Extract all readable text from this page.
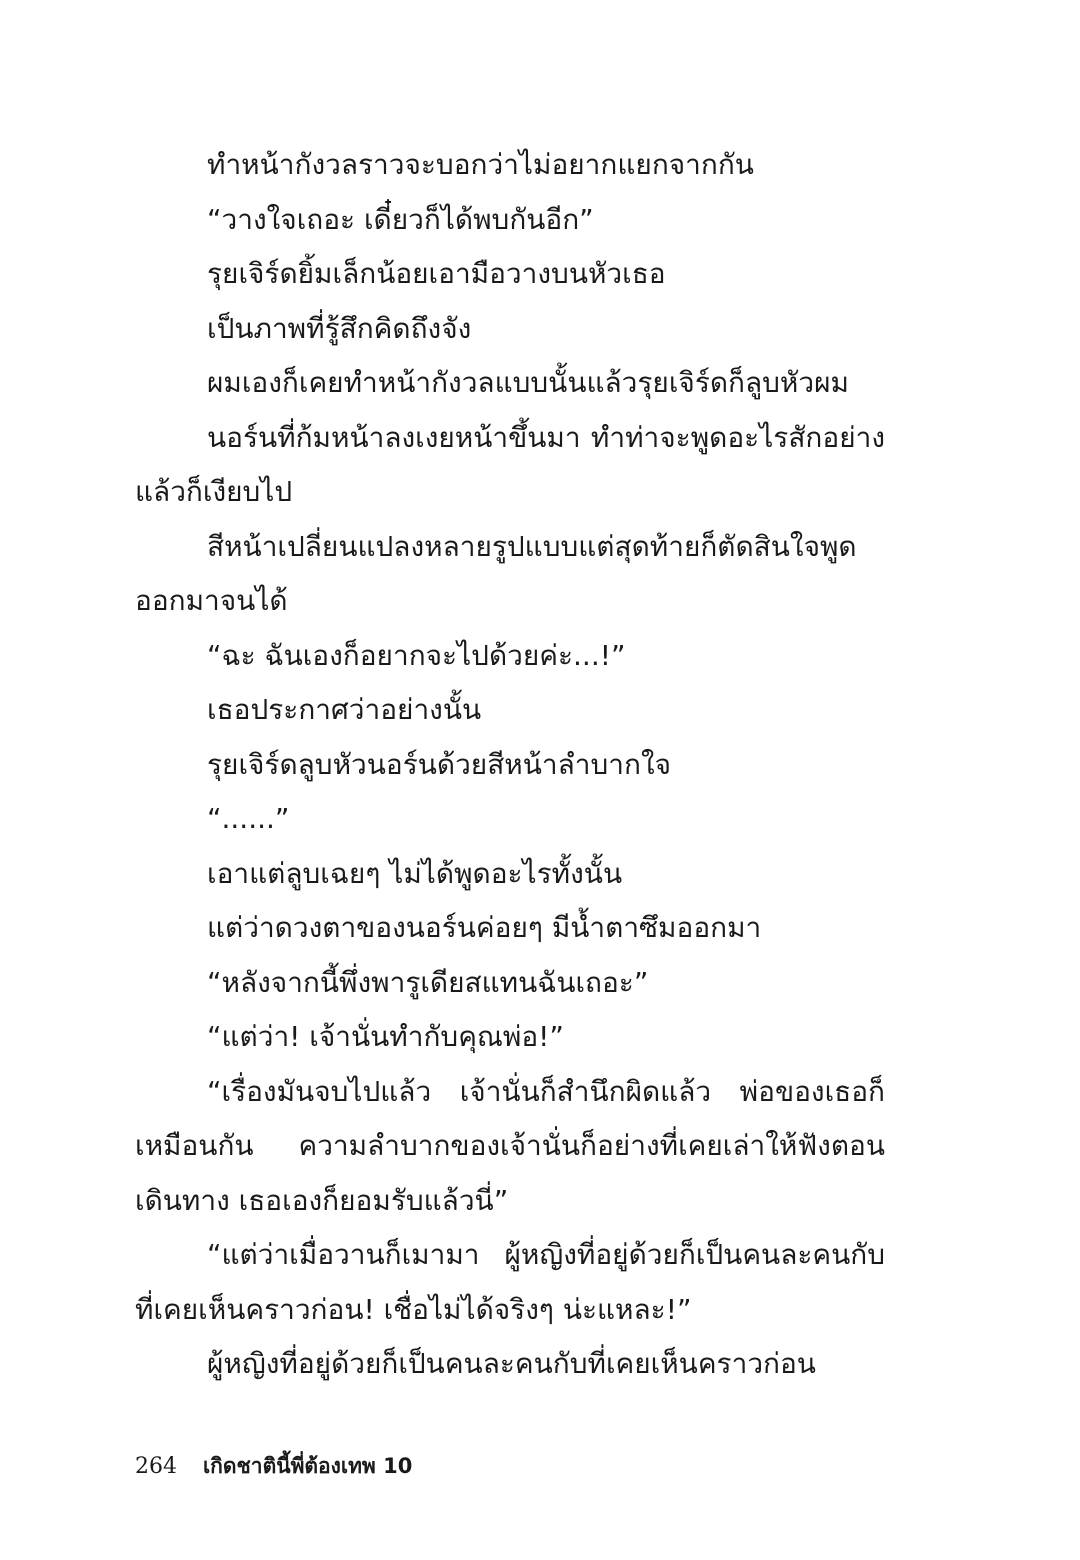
ทำหน้ากังวลราวจะบอกว่าไม่อยากแยกจากกัน

“วางใจเถอะ เดี๋ยวก็ได้พบกันอีก”

รุยเจิร์ดยิ้มเล็กน้อยเอามือวางบนหัวเธอ

เป็นภาพที่รู้สึกคิดถึงจัง

ผมเองก็เคยทำหน้ากังวลแบบนั้นแล้วรุยเจิร์ดก็ลูบหัวผม

นอร์นที่ก้มหน้าลงเงยหน้าขึ้นมา ทำท่าจะพูดอะไรสักอย่างแล้วก็เงียบไป

สีหน้าเปลี่ยนแปลงหลายรูปแบบแต่สุดท้ายก็ตัดสินใจพูดออกมาจนได้

“ฉะ ฉันเองก็อยากจะไปด้วยค่ะ...!”

เธอประกาศว่าอย่างนั้น

รุยเจิร์ดลูบหัวนอร์นด้วยสีหน้าลำบากใจ

“......”

เอาแต่ลูบเฉยๆ ไม่ได้พูดอะไรทั้งนั้น

แต่ว่าดวงตาของนอร์นค่อยๆ มีน้ำตาซึมออกมา

“หลังจากนี้พึ่งพารูเดียสแทนฉันเถอะ”

“แต่ว่า! เจ้านั่นทำกับคุณพ่อ!”

“เรื่องมันจบไปแล้ว เจ้านั่นก็สำนึกผิดแล้ว พ่อของเธอก็เหมือนกัน ความลำบากของเจ้านั่นก็อย่างที่เคยเล่าให้ฟังตอนเดินทาง เธอเองก็ยอมรับแล้วนี่”

“แต่ว่าเมื่อวานก็เมามา ผู้หญิงที่อยู่ด้วยก็เป็นคนละคนกับที่เคยเห็นคราวก่อน! เชื่อไม่ได้จริงๆ น่ะแหละ!”

ผู้หญิงที่อยู่ด้วยก็เป็นคนละคนกับที่เคยเห็นคราวก่อน

264 เกิดชาตินี้พี่ต้องเทพ 10
